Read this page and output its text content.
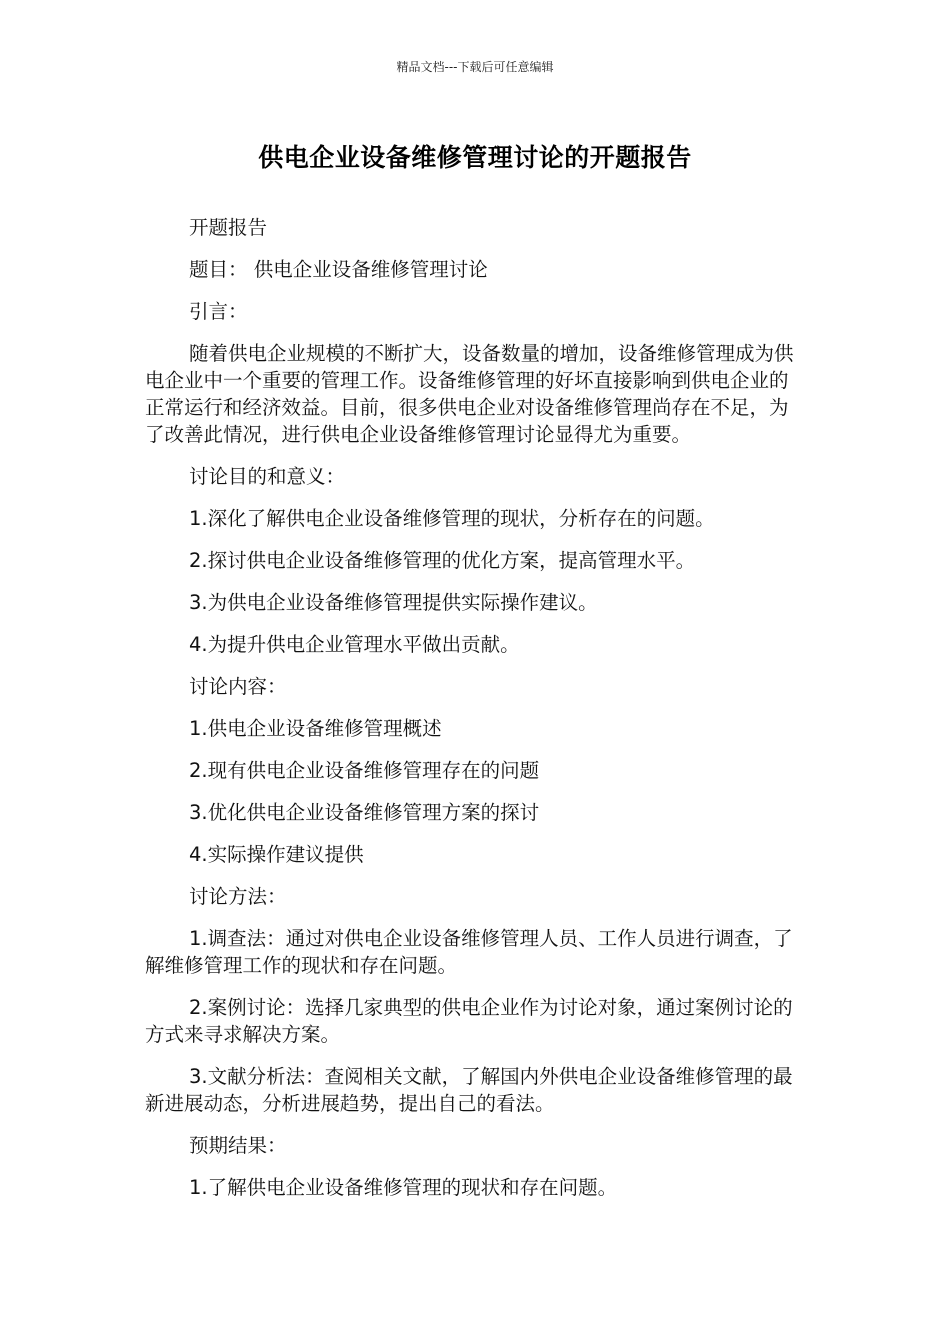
精品文档---下载后可任意编辑
供电企业设备维修管理讨论的开题报告

开题报告

题目： 供电企业设备维修管理讨论

引言：

随着供电企业规模的不断扩大，设备数量的增加，设备维修管理成为供电企业中一个重要的管理工作。设备维修管理的好坏直接影响到供电企业的正常运行和经济效益。目前，很多供电企业对设备维修管理尚存在不足，为了改善此情况，进行供电企业设备维修管理讨论显得尤为重要。

讨论目的和意义：

1.深化了解供电企业设备维修管理的现状，分析存在的问题。

2.探讨供电企业设备维修管理的优化方案，提高管理水平。

3.为供电企业设备维修管理提供实际操作建议。

4.为提升供电企业管理水平做出贡献。

讨论内容：

1.供电企业设备维修管理概述

2.现有供电企业设备维修管理存在的问题

3.优化供电企业设备维修管理方案的探讨

4.实际操作建议提供

讨论方法：

1.调查法：通过对供电企业设备维修管理人员、工作人员进行调查，了解维修管理工作的现状和存在问题。

2.案例讨论：选择几家典型的供电企业作为讨论对象，通过案例讨论的方式来寻求解决方案。

3.文献分析法：查阅相关文献，了解国内外供电企业设备维修管理的最新进展动态，分析进展趋势，提出自己的看法。

预期结果：

1.了解供电企业设备维修管理的现状和存在问题。
